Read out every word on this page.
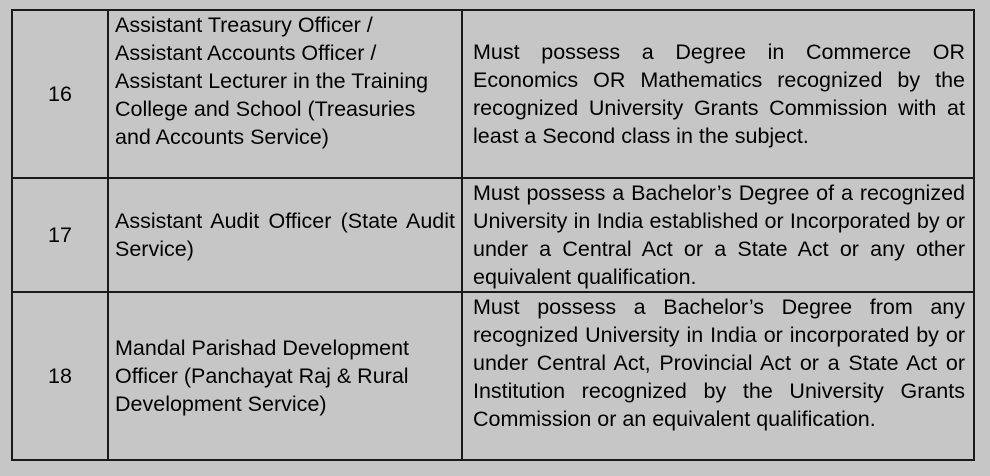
16	Assistant Treasury Officer / Assistant Accounts Officer / Assistant Lecturer in the Training College and School (Treasuries and Accounts Service)	Must possess a Degree in Commerce OR Economics OR Mathematics recognized by the recognized University Grants Commission with at least a Second class in the subject.

17	Assistant Audit Officer (State Audit Service)	Must possess a Bachelor’s Degree of a recognized University in India established or Incorporated by or under a Central Act or a State Act or any other equivalent qualification.

18	Mandal Parishad Development Officer (Panchayat Raj & Rural Development Service)	Must possess a Bachelor’s Degree from any recognized University in India or incorporated by or under Central Act, Provincial Act or a State Act or Institution recognized by the University Grants Commission or an equivalent qualification.
